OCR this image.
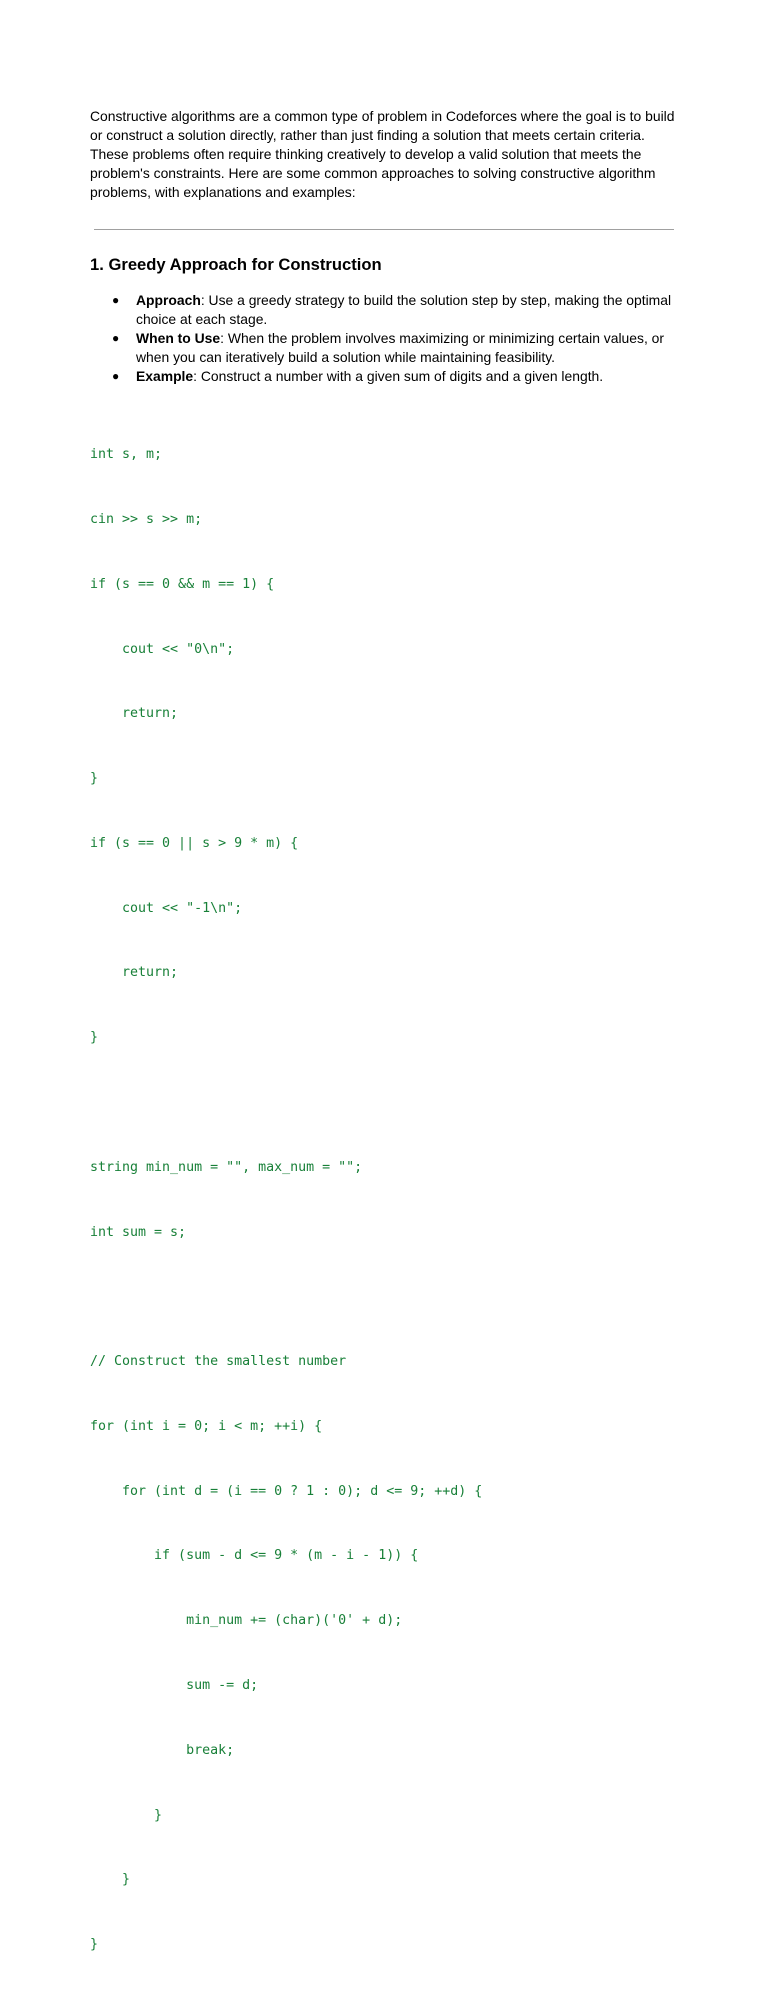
Constructive algorithms are a common type of problem in Codeforces where the goal is to build or construct a solution directly, rather than just finding a solution that meets certain criteria. These problems often require thinking creatively to develop a valid solution that meets the problem's constraints. Here are some common approaches to solving constructive algorithm problems, with explanations and examples:

1. Greedy Approach for Construction
● Approach: Use a greedy strategy to build the solution step by step, making the optimal choice at each stage.
● When to Use: When the problem involves maximizing or minimizing certain values, or when you can iteratively build a solution while maintaining feasibility.
● Example: Construct a number with a given sum of digits and a given length.

int s, m;

cin >> s >> m;

if (s == 0 && m == 1) {

cout << "0\n";

return;

}

if (s == 0 || s > 9 * m) {

cout << "-1\n";

return;

}

string min_num = "", max_num = "";

int sum = s;

// Construct the smallest number

for (int i = 0; i < m; ++i) {

for (int d = (i == 0 ? 1 : 0); d <= 9; ++d) {

if (sum - d <= 9 * (m - i - 1)) {

min_num += (char)('0' + d);

sum -= d;

break;

}

}

}
